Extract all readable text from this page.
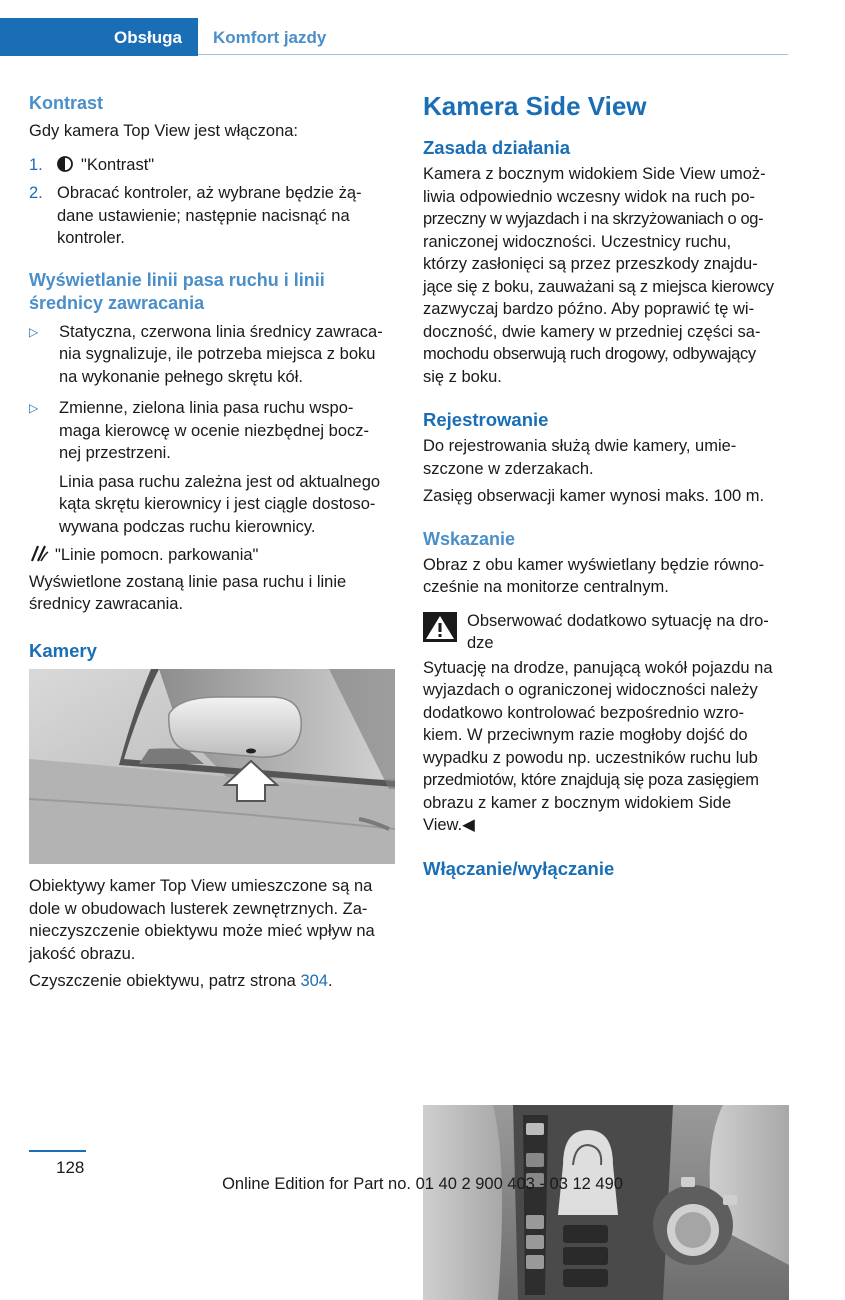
Obsługa	Komfort jazdy
Kontrast

Gdy kamera Top View jest włączona:

1.	"Kontrast"
2. Obracać kontroler, aż wybrane będzie żą-
dane ustawienie; następnie nacisnąć na
kontroler.
Wyświetlanie linii pasa ruchu i linii
średnicy zawracania
▷	Statyczna, czerwona linia średnicy zawraca-
nia sygnalizuje, ile potrzeba miejsca z boku
na wykonanie pełnego skrętu kół.
▷	Zmienne, zielona linia pasa ruchu wspo-
maga kierowcę w ocenie niezbędnej bocz-
nej przestrzeni.
Linia pasa ruchu zależna jest od aktualnego
kąta skrętu kierownicy i jest ciągle dostoso-
wywana podczas ruchu kierownicy.

"Linie pomocn. parkowania"

Wyświetlone zostaną linie pasa ruchu i linie
średnicy zawracania.

Kamery

Obiektywy kamer Top View umieszczone są na
dole w obudowach lusterek zewnętrznych. Za-
nieczyszczenie obiektywu może mieć wpływ na
jakość obrazu.

Czyszczenie obiektywu, patrz strona 304.

Kamera Side View
Zasada działania

Kamera z bocznym widokiem Side View umoż-
liwia odpowiednio wczesny widok na ruch po-
przeczny w wyjazdach i na skrzyżowaniach o og-
raniczonej widoczności. Uczestnicy ruchu,
którzy zasłonięci są przez przeszkody znajdu-
jące się z boku, zauważani są z miejsca kierowcy
zazwyczaj bardzo późno. Aby poprawić tę wi-
doczność, dwie kamery w przedniej części sa-
mochodu obserwują ruch drogowy, odbywający
się z boku.

Rejestrowanie

Do rejestrowania służą dwie kamery, umie-
szczone w zderzakach.

Zasięg obserwacji kamer wynosi maks. 100 m.

Wskazanie

Obraz z obu kamer wyświetlany będzie równo-
cześnie na monitorze centralnym.

Obserwować dodatkowo sytuację na dro-
dze

Sytuację na drodze, panującą wokół pojazdu na
wyjazdach o ograniczonej widoczności należy
dodatkowo kontrolować bezpośrednio wzro-
kiem. W przeciwnym razie mogłoby dojść do
wypadku z powodu np. uczestników ruchu lub
przedmiotów, które znajdują się poza zasięgiem
obrazu z kamer z bocznym widokiem Side
View.◀

Włączanie/wyłączanie
128
Online Edition for Part no. 01 40 2 900 403 - 03 12 490
